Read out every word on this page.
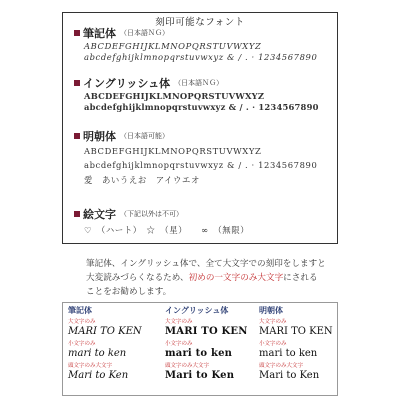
刻印可能なフォント
筆記体 （日本語ＮＧ）
ABCDEFGHIJKLMNOPQRSTUVWXYZ
abcdefghijklmnopqrstuvwxyz & / . · 1234567890
イングリッシュ体 （日本語ＮＧ）
ABCDEFGHIJKLMNOPQRSTUVWXYZ
abcdefghijklmnopqrstuvwxyz & / . · 1234567890
明朝体 （日本語可能）
ABCDEFGHIJKLMNOPQRSTUVWXYZ
abcdefghijklmnopqrstuvwxyz & / . · 1234567890
愛　あいうえお　アイウエオ
絵文字 （下記以外は不可）
♡　（ハート）　☆　（星）　　∞　（無限）
筆記体、イングリッシュ体で、全て大文字での刻印をしますと大変読みづらくなるため、初めの一文字のみ大文字にされることをお勧めします。
筆記体
大文字のみ
MARI TO KEN
小文字のみ
mari to ken
頭文字のみ大文字
Mari to Ken
イングリッシュ体
大文字のみ
MARI TO KEN
小文字のみ
mari to ken
頭文字のみ大文字
Mari to Ken
明朝体
大文字のみ
MARI TO KEN
小文字のみ
mari to ken
頭文字のみ大文字
Mari to Ken
